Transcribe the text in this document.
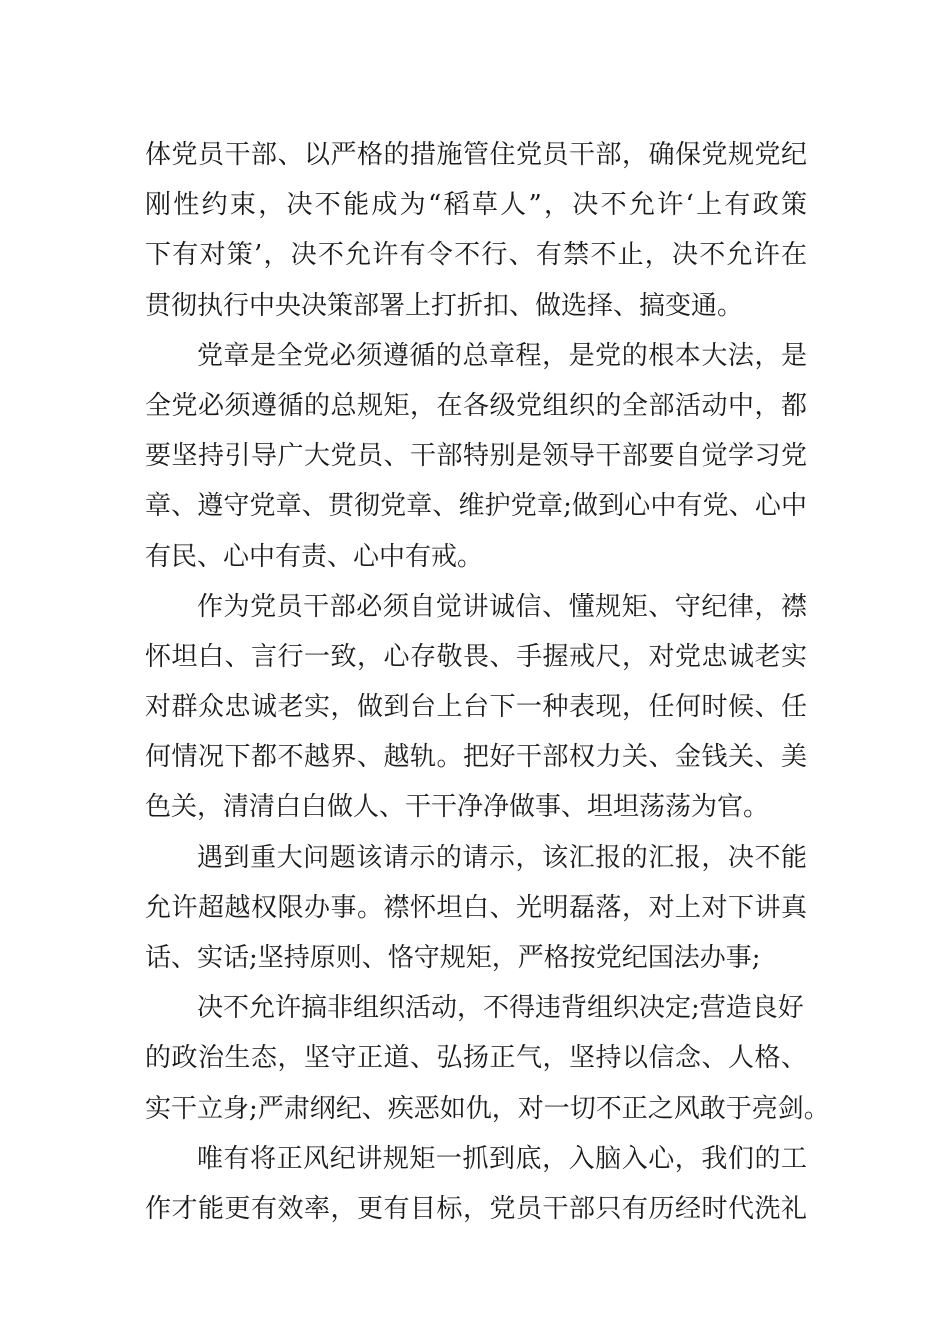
体党员干部、以严格的措施管住党员干部，确保党规党纪
刚性约束，决不能成为“稻草人”，决不允许‘上有政策
下有对策’，决不允许有令不行、有禁不止，决不允许在
贯彻执行中央决策部署上打折扣、做选择、搞变通。
党章是全党必须遵循的总章程，是党的根本大法，是
全党必须遵循的总规矩，在各级党组织的全部活动中，都
要坚持引导广大党员、干部特别是领导干部要自觉学习党
章、遵守党章、贯彻党章、维护党章;做到心中有党、心中
有民、心中有责、心中有戒。
作为党员干部必须自觉讲诚信、懂规矩、守纪律，襟
怀坦白、言行一致，心存敬畏、手握戒尺，对党忠诚老实
对群众忠诚老实，做到台上台下一种表现，任何时候、任
何情况下都不越界、越轨。把好干部权力关、金钱关、美
色关，清清白白做人、干干净净做事、坦坦荡荡为官。
遇到重大问题该请示的请示，该汇报的汇报，决不能
允许超越权限办事。襟怀坦白、光明磊落，对上对下讲真
话、实话;坚持原则、恪守规矩，严格按党纪国法办事;
决不允许搞非组织活动，不得违背组织决定;营造良好
的政治生态，坚守正道、弘扬正气，坚持以信念、人格、
实干立身;严肃纲纪、疾恶如仇，对一切不正之风敢于亮剑。
唯有将正风纪讲规矩一抓到底，入脑入心，我们的工
作才能更有效率，更有目标，党员干部只有历经时代洗礼
